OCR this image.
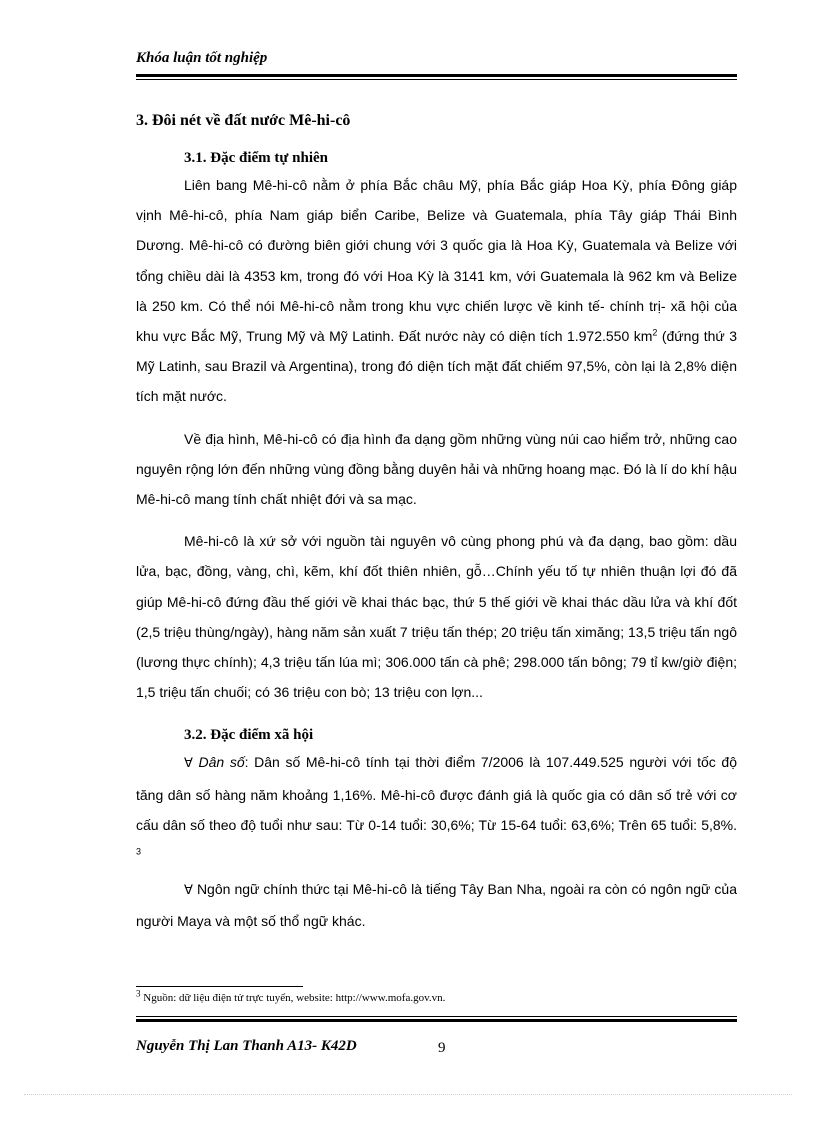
Khóa luận tốt nghiệp
3. Đôi nét về đất nước Mê-hi-cô
3.1. Đặc điểm tự nhiên

Liên bang Mê-hi-cô nằm ở phía Bắc châu Mỹ, phía Bắc giáp Hoa Kỳ, phía Đông giáp vịnh Mê-hi-cô, phía Nam giáp biển Caribe, Belize và Guatemala, phía Tây giáp Thái Bình Dương. Mê-hi-cô có đường biên giới chung với 3 quốc gia là Hoa Kỳ, Guatemala và Belize với tổng chiều dài là 4353 km, trong đó với Hoa Kỳ là 3141 km, với Guatemala là 962 km và Belize là 250 km. Có thể nói Mê-hi-cô nằm trong khu vực chiến lược về kinh tế- chính trị- xã hội của khu vực Bắc Mỹ, Trung Mỹ và Mỹ Latinh. Đất nước này có diện tích 1.972.550 $km^2$ (đứng thứ 3 Mỹ Latinh, sau Brazil và Argentina), trong đó diện tích mặt đất chiếm 97,5%, còn lại là 2,8% diện tích mặt nước.

Về địa hình, Mê-hi-cô có địa hình đa dạng gồm những vùng núi cao hiểm trở, những cao nguyên rộng lớn đến những vùng đồng bằng duyên hải và những hoang mạc. Đó là lí do khí hậu Mê-hi-cô mang tính chất nhiệt đới và sa mạc.

Mê-hi-cô là xứ sở với nguồn tài nguyên vô cùng phong phú và đa dạng, bao gồm: dầu lửa, bạc, đồng, vàng, chì, kẽm, khí đốt thiên nhiên, gỗ…Chính yếu tố tự nhiên thuận lợi đó đã giúp Mê-hi-cô đứng đầu thế giới về khai thác bạc, thứ 5 thế giới về khai thác dầu lửa và khí đốt (2,5 triệu thùng/ngày), hàng năm sản xuất 7 triệu tấn thép; 20 triệu tấn ximăng; 13,5 triệu tấn ngô (lương thực chính); 4,3 triệu tấn lúa mì; 306.000 tấn cà phê; 298.000 tấn bông; 79 tỉ kw/giờ điện; 1,5 triệu tấn chuối; có 36 triệu con bò; 13 triệu con lợn...

3.2. Đặc điểm xã hội

∀ Dân số: Dân số Mê-hi-cô tính tại thời điểm 7/2006 là 107.449.525 người với tốc độ tăng dân số hàng năm khoảng 1,16%. Mê-hi-cô được đánh giá là quốc gia có dân số trẻ với cơ cấu dân số theo độ tuổi như sau: Từ 0-14 tuổi: 30,6%; Từ 15-64 tuổi: 63,6%; Trên 65 tuổi: 5,8%. $^3$

∀ Ngôn ngữ chính thức tại Mê-hi-cô là tiếng Tây Ban Nha, ngoài ra còn có ngôn ngữ của người Maya và một số thổ ngữ khác.

$^3$ Nguồn: dữ liệu điện tử trực tuyến, website: http://www.mofa.gov.vn.
Nguyễn Thị Lan Thanh A13- K42D	9
